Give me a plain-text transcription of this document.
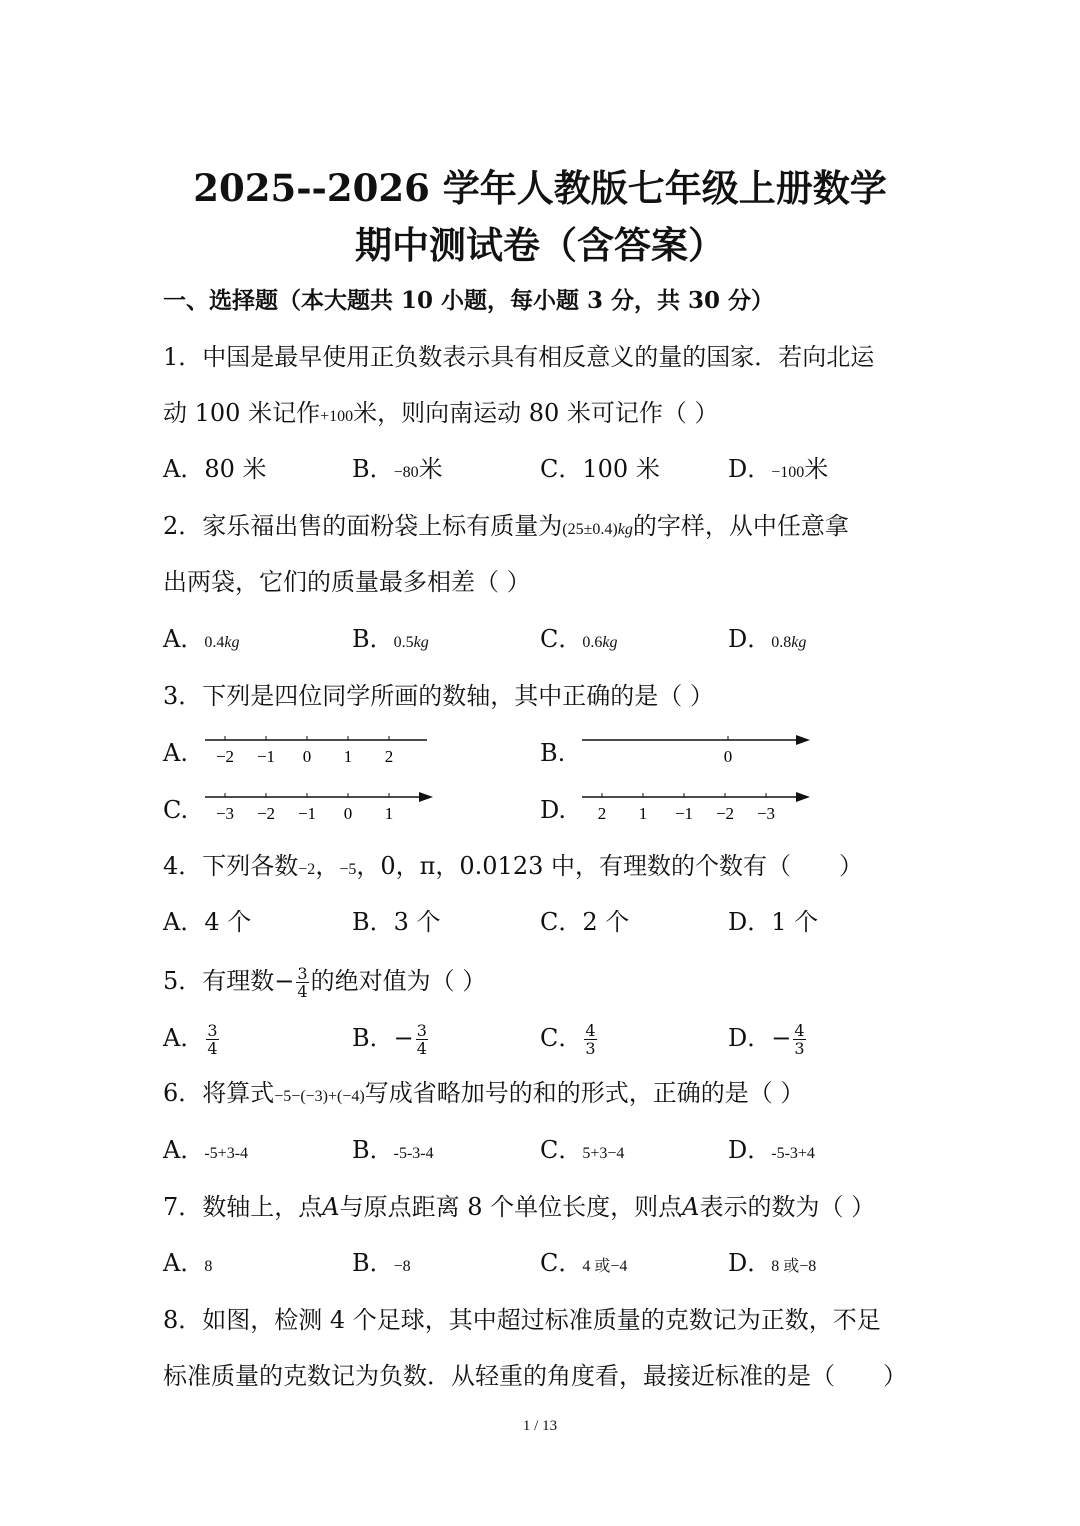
2025--2026 学年人教版七年级上册数学
期中测试卷（含答案）
一、选择题（本大题共 10 小题，每小题 3 分，共 30 分）
1．中国是最早使用正负数表示具有相反意义的量的国家．若向北运
动 100 米记作+100米，则向南运动 80 米可记作（ ）
2．家乐福出售的面粉袋上标有质量为(25±0.4)kg的字样，从中任意拿
出两袋，它们的质量最多相差（ ）
3．下列是四位同学所画的数轴，其中正确的是（ ）
4．下列各数−2，−5，0，π，0.0123 中，有理数的个数有（　　）
5．有理数− $\frac{3}{4}$ 的绝对值为（ ）
6．将算式−5−(−3)+(−4)写成省略加号的和的形式，正确的是（ ）
7．数轴上，点A与原点距离 8 个单位长度，则点A表示的数为（ ）
8．如图，检测 4 个足球，其中超过标准质量的克数记为正数，不足
标准质量的克数记为负数．从轻重的角度看，最接近标准的是（　　）
1 / 13
A．80 米	B．−80米	C．100 米	D．−100米
A．0.4kg	B．0.5kg	C．0.6kg	D．0.8kg
A．4 个	B．3 个	C．2 个	D．1 个
A． $\frac{3}{4}$	B．− $\frac{3}{4}$	C． $\frac{4}{3}$	D．− $\frac{4}{3}$
A．-5+3-4	B．-5-3-4	C．5+3−4	D．-5-3+4
A．8	B．−8	C．4 或−4	D．8 或−8
A. −2 −1 0 1 2	B.	0
C. −3 −2 −1 0 1	D. 2 1 −1 −2 −3
